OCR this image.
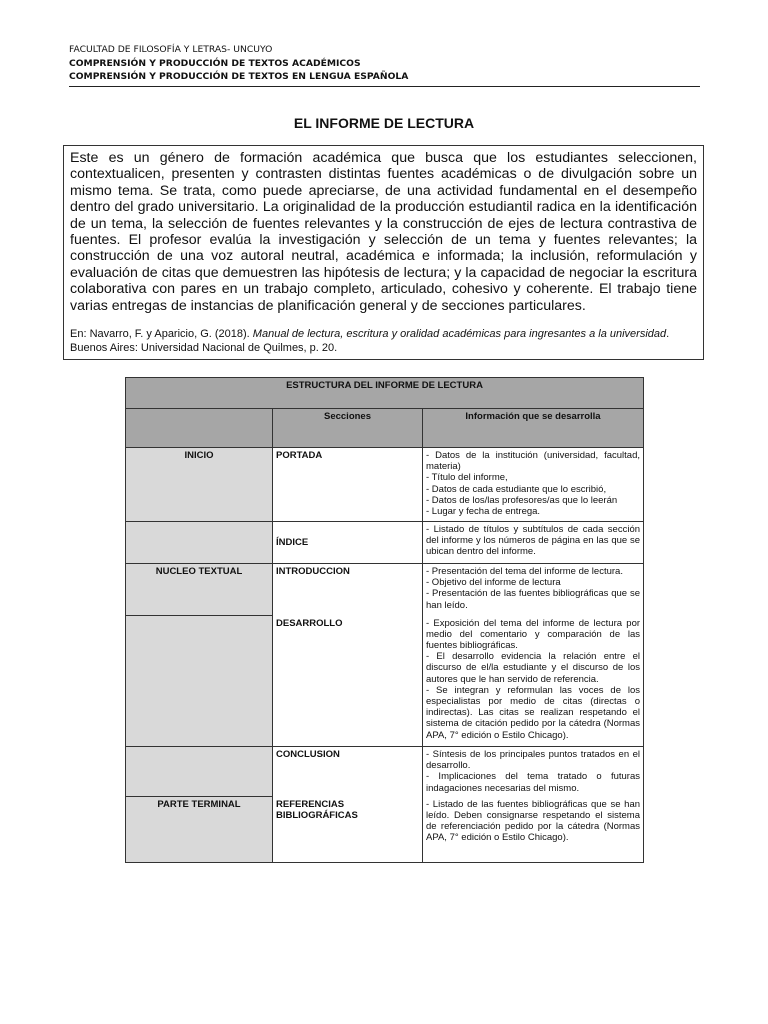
FACULTAD DE FILOSOFÍA Y LETRAS- UNCUYO
COMPRENSIÓN Y PRODUCCIÓN DE TEXTOS ACADÉMICOS
COMPRENSIÓN Y PRODUCCIÓN DE TEXTOS EN LENGUA ESPAÑOLA
EL INFORME DE LECTURA

Este es un género de formación académica que busca que los estudiantes seleccionen, contextualicen, presenten y contrasten distintas fuentes académicas o de divulgación sobre un mismo tema. Se trata, como puede apreciarse, de una actividad fundamental en el desempeño dentro del grado universitario. La originalidad de la producción estudiantil radica en la identificación de un tema, la selección de fuentes relevantes y la construcción de ejes de lectura contrastiva de fuentes. El profesor evalúa la investigación y selección de un tema y fuentes relevantes; la construcción de una voz autoral neutral, académica e informada; la inclusión, reformulación y evaluación de citas que demuestren las hipótesis de lectura; y la capacidad de negociar la escritura colaborativa con pares en un trabajo completo, articulado, cohesivo y coherente. El trabajo tiene varias entregas de instancias de planificación general y de secciones particulares.

En: Navarro, F. y Aparicio, G. (2018). Manual de lectura, escritura y oralidad académicas para ingresantes a la universidad. Buenos Aires: Universidad Nacional de Quilmes, p. 20.
ESTRUCTURA DEL INFORME DE LECTURA		
	Secciones	Información que se desarrolla
INICIO	PORTADA	- Datos de la institución (universidad, facultad, materia)
- Título del informe,
- Datos de cada estudiante que lo escribió,
- Datos de los/las profesores/as que lo leerán
- Lugar y fecha de entrega.

	ÍNDICE	- Listado de títulos y subtítulos de cada sección del informe y los números de página en las que se ubican dentro del informe.

NUCLEO TEXTUAL	INTRODUCCION	- Presentación del tema del informe de lectura.
- Objetivo del informe de lectura
- Presentación de las fuentes bibliográficas que se han leído.

	DESARROLLO	- Exposición del tema del informe de lectura por medio del comentario y comparación de las fuentes bibliográficas.
- El desarrollo evidencia la relación entre el discurso de el/la estudiante y el discurso de los autores que le han servido de referencia.
- Se integran y reformulan las voces de los especialistas por medio de citas (directas o indirectas). Las citas se realizan respetando el sistema de citación pedido por la cátedra (Normas APA, 7° edición o Estilo Chicago).

	CONCLUSION	- Síntesis de los principales puntos tratados en el desarrollo.
- Implicaciones del tema tratado o futuras indagaciones necesarias del mismo.

PARTE TERMINAL	REFERENCIAS BIBLIOGRÁFICAS	- Listado de las fuentes bibliográficas que se han leído. Deben consignarse respetando el sistema de referenciación pedido por la cátedra (Normas APA, 7° edición o Estilo Chicago).
